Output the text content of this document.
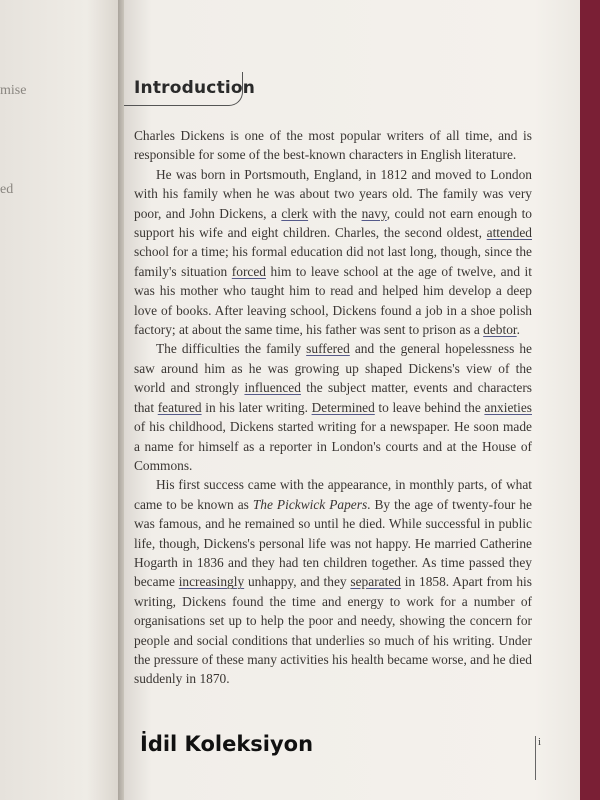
mise
ed
Introduction

Charles Dickens is one of the most popular writers of all time, and is responsible for some of the best-known characters in English literature.

He was born in Portsmouth, England, in 1812 and moved to London with his family when he was about two years old. The family was very poor, and John Dickens, a clerk with the navy, could not earn enough to support his wife and eight children. Charles, the second oldest, attended school for a time; his formal education did not last long, though, since the family's situation forced him to leave school at the age of twelve, and it was his mother who taught him to read and helped him develop a deep love of books. After leaving school, Dickens found a job in a shoe polish factory; at about the same time, his father was sent to prison as a debtor.

The difficulties the family suffered and the general hopelessness he saw around him as he was growing up shaped Dickens's view of the world and strongly influenced the subject matter, events and characters that featured in his later writing. Determined to leave behind the anxieties of his childhood, Dickens started writing for a newspaper. He soon made a name for himself as a reporter in London's courts and at the House of Commons.

His first success came with the appearance, in monthly parts, of what came to be known as The Pickwick Papers. By the age of twenty-four he was famous, and he remained so until he died. While successful in public life, though, Dickens's personal life was not happy. He married Catherine Hogarth in 1836 and they had ten children together. As time passed they became increasingly unhappy, and they separated in 1858. Apart from his writing, Dickens found the time and energy to work for a number of organisations set up to help the poor and needy, showing the concern for people and social conditions that underlies so much of his writing. Under the pressure of these many activities his health became worse, and he died suddenly in 1870.

i
İdil Koleksiyon
